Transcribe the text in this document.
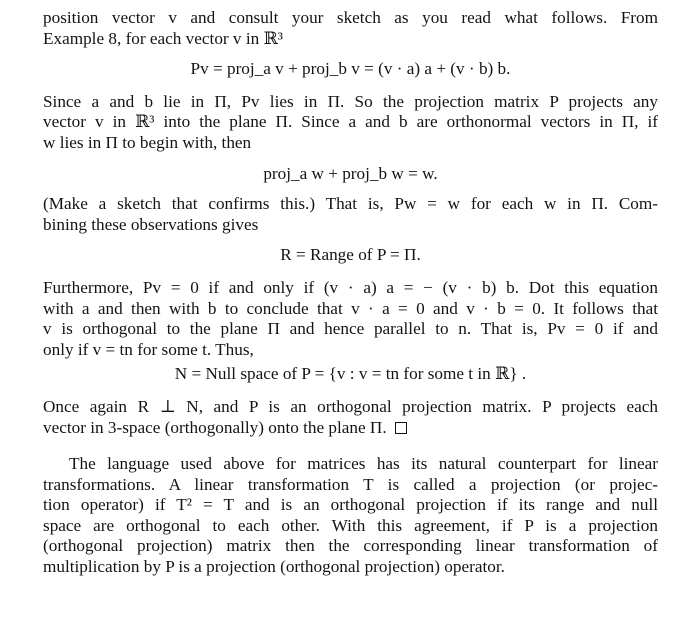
position vector v and consult your sketch as you read what follows. From
Example 8, for each vector v in ℝ³

Pv = proj_a v + proj_b v = (v · a) a + (v · b) b.

Since a and b lie in Π, Pv lies in Π. So the projection matrix P projects any
vector v in ℝ³ into the plane Π. Since a and b are orthonormal vectors in Π, if
w lies in Π to begin with, then

proj_a w + proj_b w = w.

(Make a sketch that confirms this.) That is, Pw = w for each w in Π. Com-
bining these observations gives

R = Range of P = Π.

Furthermore, Pv = 0 if and only if (v · a) a = − (v · b) b. Dot this equation
with a and then with b to conclude that v · a = 0 and v · b = 0. It follows that
v is orthogonal to the plane Π and hence parallel to n. That is, Pv = 0 if and
only if v = tn for some t. Thus,

N = Null space of P = {v : v = tn for some t in ℝ} .

Once again R ⊥ N, and P is an orthogonal projection matrix. P projects each
vector in 3-space (orthogonally) onto the plane Π.

The language used above for matrices has its natural counterpart for linear
transformations. A linear transformation T is called a projection (or projec-
tion operator) if T² = T and is an orthogonal projection if its range and null
space are orthogonal to each other. With this agreement, if P is a projection
(orthogonal projection) matrix then the corresponding linear transformation of
multiplication by P is a projection (orthogonal projection) operator.
